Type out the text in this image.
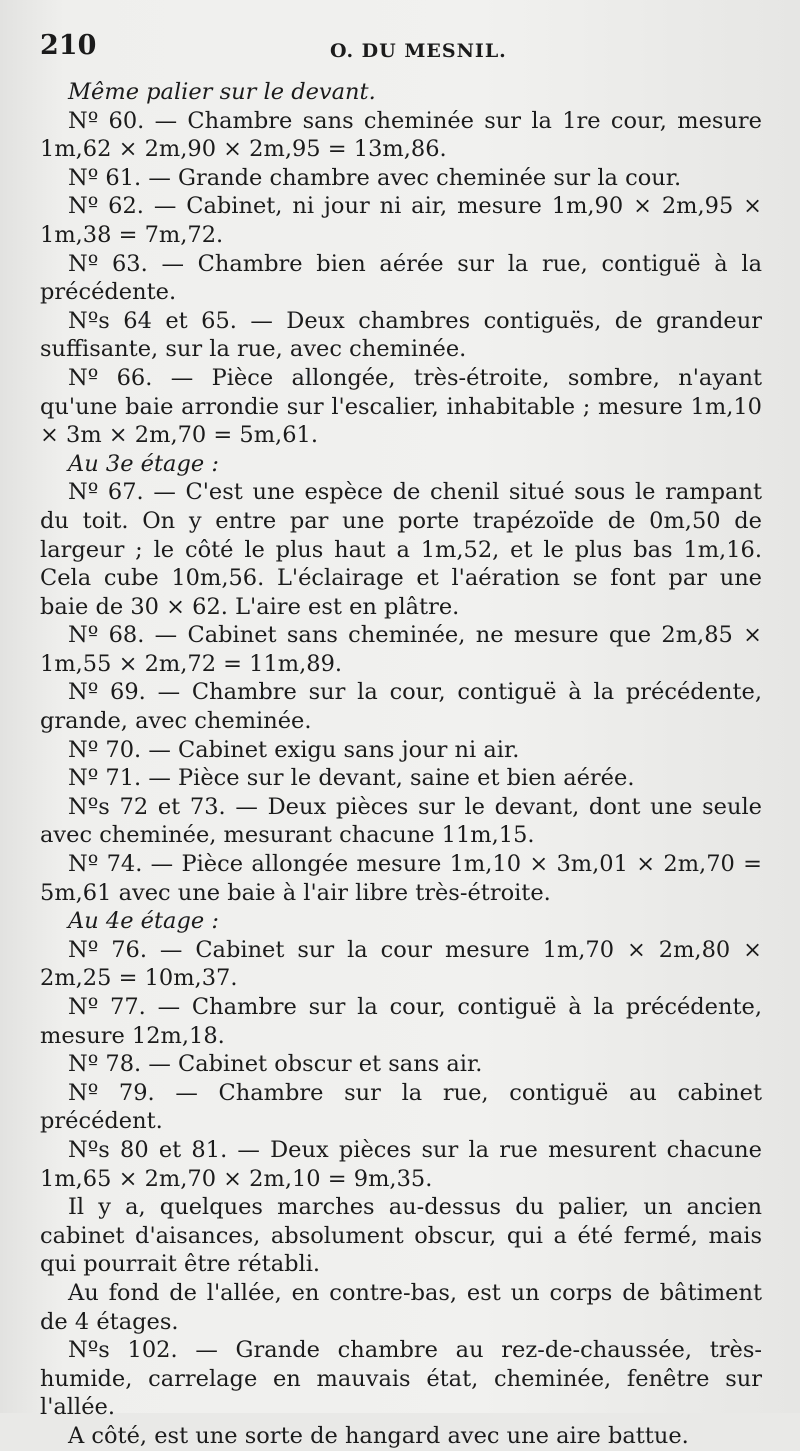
210	O. DU MESNIL.

Même palier sur le devant.

Nº 60. — Chambre sans cheminée sur la 1re cour, mesure 1m,62 × 2m,90 × 2m,95 = 13m,86.

Nº 61. — Grande chambre avec cheminée sur la cour.

Nº 62. — Cabinet, ni jour ni air, mesure 1m,90 × 2m,95 × 1m,38 = 7m,72.

Nº 63. — Chambre bien aérée sur la rue, contiguë à la précédente.

Nºs 64 et 65. — Deux chambres contiguës, de grandeur suffisante, sur la rue, avec cheminée.

Nº 66. — Pièce allongée, très-étroite, sombre, n'ayant qu'une baie arrondie sur l'escalier, inhabitable ; mesure 1m,10 × 3m × 2m,70 = 5m,61.

Au 3e étage :

Nº 67. — C'est une espèce de chenil situé sous le rampant du toit. On y entre par une porte trapézoïde de 0m,50 de largeur ; le côté le plus haut a 1m,52, et le plus bas 1m,16. Cela cube 10m,56. L'éclairage et l'aération se font par une baie de 30 × 62. L'aire est en plâtre.

Nº 68. — Cabinet sans cheminée, ne mesure que 2m,85 × 1m,55 × 2m,72 = 11m,89.

Nº 69. — Chambre sur la cour, contiguë à la précédente, grande, avec cheminée.

Nº 70. — Cabinet exigu sans jour ni air.

Nº 71. — Pièce sur le devant, saine et bien aérée.

Nºs 72 et 73. — Deux pièces sur le devant, dont une seule avec cheminée, mesurant chacune 11m,15.

Nº 74. — Pièce allongée mesure 1m,10 × 3m,01 × 2m,70 = 5m,61 avec une baie à l'air libre très-étroite.

Au 4e étage :

Nº 76. — Cabinet sur la cour mesure 1m,70 × 2m,80 × 2m,25 = 10m,37.

Nº 77. — Chambre sur la cour, contiguë à la précédente, mesure 12m,18.

Nº 78. — Cabinet obscur et sans air.

Nº 79. — Chambre sur la rue, contiguë au cabinet précédent.

Nºs 80 et 81. — Deux pièces sur la rue mesurent chacune 1m,65 × 2m,70 × 2m,10 = 9m,35.

Il y a, quelques marches au-dessus du palier, un ancien cabinet d'aisances, absolument obscur, qui a été fermé, mais qui pourrait être rétabli.

Au fond de l'allée, en contre-bas, est un corps de bâtiment de 4 étages.

Nºs 102. — Grande chambre au rez-de-chaussée, très-humide, carrelage en mauvais état, cheminée, fenêtre sur l'allée.

A côté, est une sorte de hangard avec une aire battue.
